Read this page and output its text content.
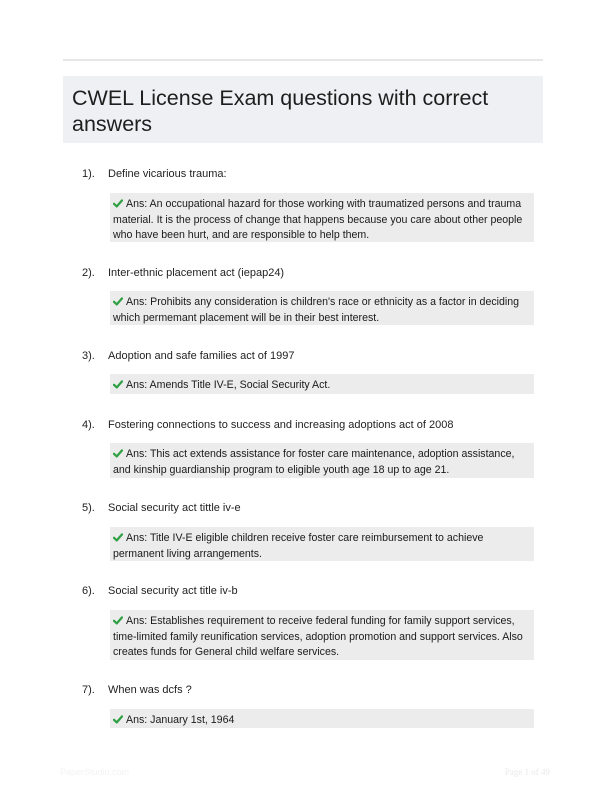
CWEL License Exam questions with correct answers
1). Define vicarious trauma:
Ans: An occupational hazard for those working with traumatized persons and trauma material. It is the process of change that happens because you care about other people who have been hurt, and are responsible to help them.
2). Inter-ethnic placement act (iepap24)
Ans: Prohibits any consideration is children's race or ethnicity as a factor in deciding which permemant placement will be in their best interest.
3). Adoption and safe families act of 1997
Ans: Amends Title IV-E, Social Security Act.
4). Fostering connections to success and increasing adoptions act of 2008
Ans: This act extends assistance for foster care maintenance, adoption assistance, and kinship guardianship program to eligible youth age 18 up to age 21.
5). Social security act tittle iv-e
Ans: Title IV-E eligible children receive foster care reimbursement to achieve permanent living arrangements.
6). Social security act title iv-b
Ans: Establishes requirement to receive federal funding for family support services, time-limited family reunification services, adoption promotion and support services. Also creates funds for General child welfare services.
7). When was dcfs ?
Ans: January 1st, 1964
PaperStudio.com	Page 1 of 49
